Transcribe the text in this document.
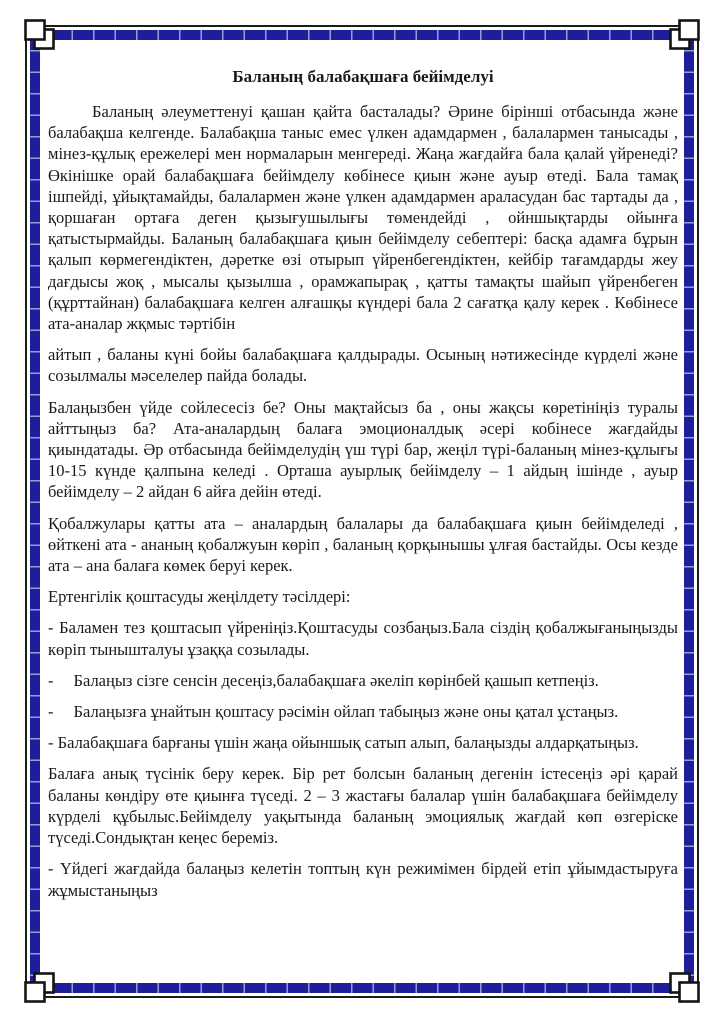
Баланың балабақшаға бейімделуі

Баланың әлеуметтенуі қашан қайта басталады? Әрине бірінші отбасында және балабақша келгенде. Балабақша таныс емес үлкен адамдармен , балалармен танысады , мінез-құлық ережелері мен нормаларын менгереді. Жаңа жағдайға бала қалай үйренеді? Өкінішке орай балабақшаға бейімделу көбінесе қиын және ауыр өтеді. Бала тамақ ішпейді, ұйықтамайды, балалармен және үлкен адамдармен араласудан бас тартады да , қоршаған ортаға деген қызығушылығы төмендейді , ойншықтарды ойынға қатыстырмайды. Баланың балабақшаға қиын бейімделу себептері: басқа адамға бұрын қалып көрмегендіктен, дәретке өзі отырып үйренбегендіктен, кейбір тағамдарды жеу дағдысы жоқ , мысалы қызылша , орамжапырақ , қатты тамақты шайып үйренбеген (құрттайнан) балабақшаға келген алғашқы күндері бала 2 сағатқа қалу керек . Көбінесе ата-аналар жқмыс тәртібін

айтып , баланы күні бойы балабақшаға қалдырады. Осының нәтижесінде күрделі және созылмалы мәселелер пайда болады.

Балаңызбен үйде сойлесесіз бе? Оны мақтайсыз ба , оны жақсы көретініңіз туралы айттыңыз ба? Ата-аналардың балаға эмоционалдық әсері кобінесе жағдайды қиындатады. Әр отбасында бейімделудің үш түрі бар, жеңіл түрі-баланың мінез-құлығы 10-15 күнде қалпына келеді . Орташа ауырлық бейімделу – 1 айдың ішінде , ауыр бейімделу – 2 айдан 6 айға дейін өтеді.

Қобалжулары қатты ата – аналардың балалары да балабақшаға қиын бейімделеді , өйткені ата - ананың қобалжуын көріп , баланың қорқынышы ұлғая бастайды. Осы кезде ата – ана балаға көмек беруі керек.

Ертенгілік қоштасуды жеңілдету тәсілдері:

- Баламен тез қоштасып үйреніңіз.Қоштасуды созбаңыз.Бала сіздің қобалжығаныңызды көріп тынышталуы ұзаққа созылады.

- Балаңыз сізге сенсін десеңіз,балабақшаға әкеліп көрінбей қашып кетпеңіз.

- Балаңызға ұнайтын қоштасу рәсімін ойлап табыңыз және оны қатал ұстаңыз.

- Балабақшаға барғаны үшін жаңа ойыншық сатып алып, балаңызды алдарқатыңыз.

Балаға анық түсінік беру керек. Бір рет болсын баланың дегенін істесеңіз әрі қарай баланы көндіру өте қиынға түседі. 2 – 3 жастағы балалар үшін балабақшаға бейімделу күрделі құбылыс.Бейімделу уақытында баланың эмоциялық жағдай көп өзгеріске түседі.Сондықтан кеңес береміз.

- Үйдегі жағдайда балаңыз келетін топтың күн режимімен бірдей етіп ұйымдастыруға жұмыстаныңыз
